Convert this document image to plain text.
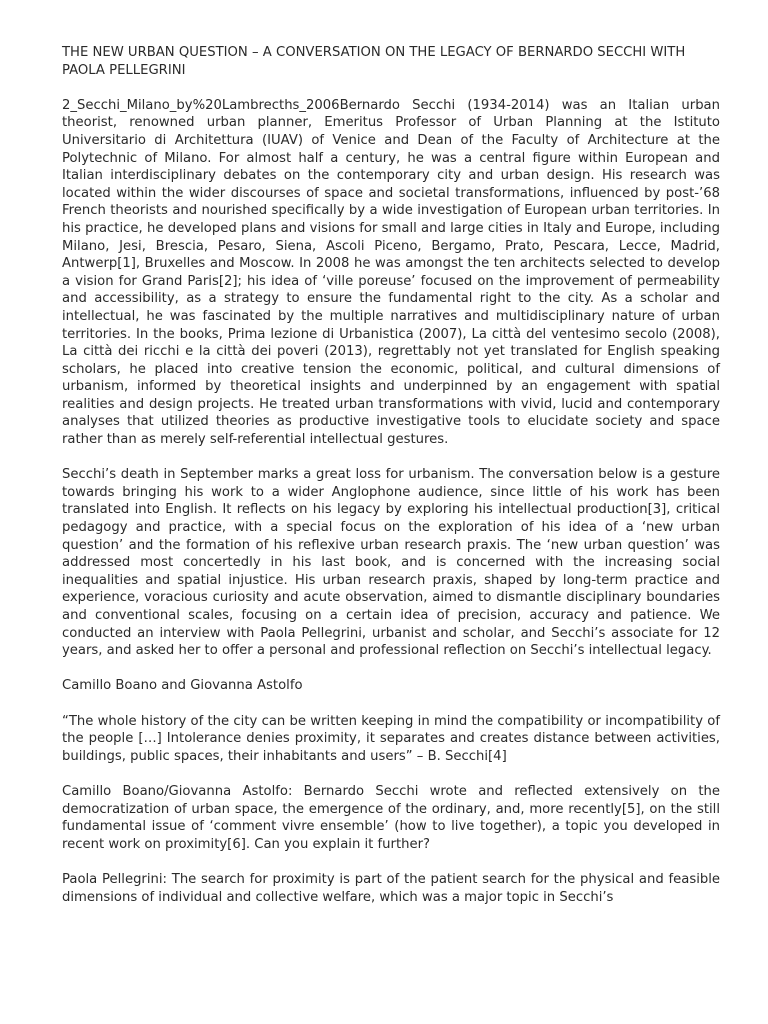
THE NEW URBAN QUESTION – A CONVERSATION ON THE LEGACY OF BERNARDO SECCHI WITH PAOLA PELLEGRINI

2_Secchi_Milano_by%20Lambrecths_2006Bernardo Secchi (1934-2014) was an Italian urban theorist, renowned urban planner, Emeritus Professor of Urban Planning at the Istituto Universitario di Architettura (IUAV) of Venice and Dean of the Faculty of Architecture at the Polytechnic of Milano. For almost half a century, he was a central figure within European and Italian interdisciplinary debates on the contemporary city and urban design. His research was located within the wider discourses of space and societal transformations, influenced by post-’68 French theorists and nourished specifically by a wide investigation of European urban territories. In his practice, he developed plans and visions for small and large cities in Italy and Europe, including Milano, Jesi, Brescia, Pesaro, Siena, Ascoli Piceno, Bergamo, Prato, Pescara, Lecce, Madrid, Antwerp[1], Bruxelles and Moscow. In 2008 he was amongst the ten architects selected to develop a vision for Grand Paris[2]; his idea of ‘ville poreuse’ focused on the improvement of permeability and accessibility, as a strategy to ensure the fundamental right to the city. As a scholar and intellectual, he was fascinated by the multiple narratives and multidisciplinary nature of urban territories. In the books, Prima lezione di Urbanistica (2007), La città del ventesimo secolo (2008), La città dei ricchi e la città dei poveri (2013), regrettably not yet translated for English speaking scholars, he placed into creative tension the economic, political, and cultural dimensions of urbanism, informed by theoretical insights and underpinned by an engagement with spatial realities and design projects. He treated urban transformations with vivid, lucid and contemporary analyses that utilized theories as productive investigative tools to elucidate society and space rather than as merely self-referential intellectual gestures.

Secchi’s death in September marks a great loss for urbanism. The conversation below is a gesture towards bringing his work to a wider Anglophone audience, since little of his work has been translated into English. It reflects on his legacy by exploring his intellectual production[3], critical pedagogy and practice, with a special focus on the exploration of his idea of a ‘new urban question’ and the formation of his reflexive urban research praxis. The ‘new urban question’ was addressed most concertedly in his last book, and is concerned with the increasing social inequalities and spatial injustice. His urban research praxis, shaped by long-term practice and experience, voracious curiosity and acute observation, aimed to dismantle disciplinary boundaries and conventional scales, focusing on a certain idea of precision, accuracy and patience. We conducted an interview with Paola Pellegrini, urbanist and scholar, and Secchi’s associate for 12 years, and asked her to offer a personal and professional reflection on Secchi’s intellectual legacy.

Camillo Boano and Giovanna Astolfo

“The whole history of the city can be written keeping in mind the compatibility or incompatibility of the people […] Intolerance denies proximity, it separates and creates distance between activities, buildings, public spaces, their inhabitants and users” – B. Secchi[4]

Camillo Boano/Giovanna Astolfo: Bernardo Secchi wrote and reflected extensively on the democratization of urban space, the emergence of the ordinary, and, more recently[5], on the still fundamental issue of ‘comment vivre ensemble’ (how to live together), a topic you developed in recent work on proximity[6]. Can you explain it further?

Paola Pellegrini: The search for proximity is part of the patient search for the physical and feasible dimensions of individual and collective welfare, which was a major topic in Secchi’s
